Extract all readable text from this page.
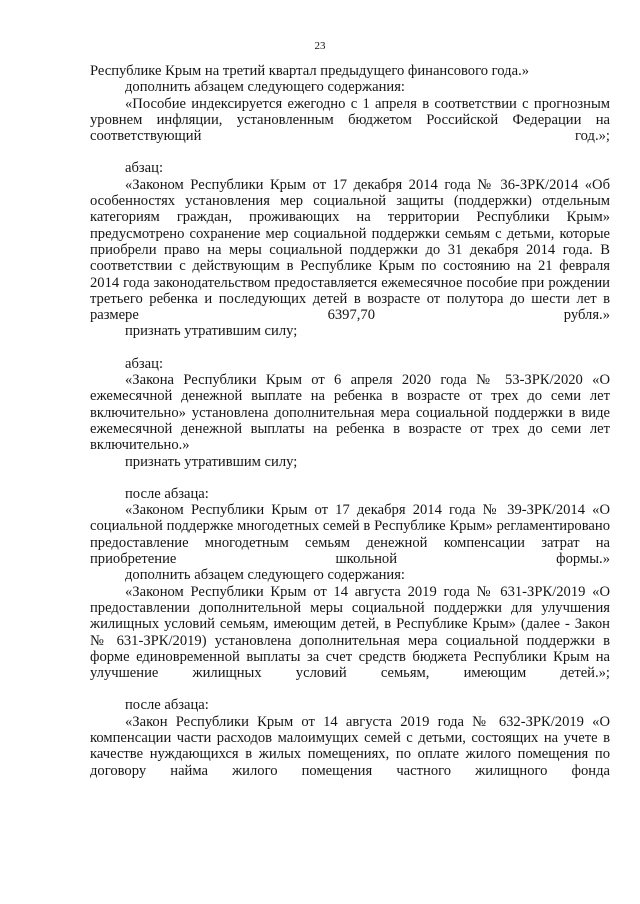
23

Республике Крым на третий квартал предыдущего финансового года.»

дополнить абзацем следующего содержания:

«Пособие индексируется ежегодно с 1 апреля в соответствии с прогнозным уровнем инфляции, установленным бюджетом Российской Федерации на соответствующий год.»;

абзац:

«Законом Республики Крым от 17 декабря 2014 года № 36-ЗРК/2014 «Об особенностях установления мер социальной защиты (поддержки) отдельным категориям граждан, проживающих на территории Республики Крым» предусмотрено сохранение мер социальной поддержки семьям с детьми, которые приобрели право на меры социальной поддержки до 31 декабря 2014 года. В соответствии с действующим в Республике Крым по состоянию на 21 февраля 2014 года законодательством предоставляется ежемесячное пособие при рождении третьего ребенка и последующих детей в возрасте от полутора до шести лет в размере 6397,70 рубля.»

признать утратившим силу;

абзац:

«Закона Республики Крым от 6 апреля 2020 года № 53-ЗРК/2020 «О ежемесячной денежной выплате на ребенка в возрасте от трех до семи лет включительно» установлена дополнительная мера социальной поддержки в виде ежемесячной денежной выплаты на ребенка в возрасте от трех до семи лет включительно.»

признать утратившим силу;

после абзаца:

«Законом Республики Крым от 17 декабря 2014 года № 39-ЗРК/2014 «О социальной поддержке многодетных семей в Республике Крым» регламентировано предоставление многодетным семьям денежной компенсации затрат на приобретение школьной формы.»

дополнить абзацем следующего содержания:

«Законом Республики Крым от 14 августа 2019 года № 631-ЗРК/2019 «О предоставлении дополнительной меры социальной поддержки для улучшения жилищных условий семьям, имеющим детей, в Республике Крым» (далее - Закон № 631-ЗРК/2019) установлена дополнительная мера социальной поддержки в форме единовременной выплаты за счет средств бюджета Республики Крым на улучшение жилищных условий семьям, имеющим детей.»;

после абзаца:

«Закон Республики Крым от 14 августа 2019 года № 632-ЗРК/2019 «О компенсации части расходов малоимущих семей с детьми, состоящих на учете в качестве нуждающихся в жилых помещениях, по оплате жилого помещения по договору найма жилого помещения частного жилищного фонда
